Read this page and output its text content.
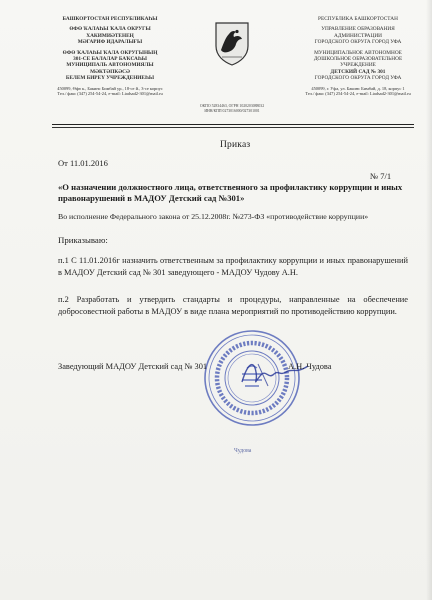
БАШКОРТОСТАН РЕСПУБЛИКАҺЫ
ӨФӨ ҠАЛАҺЫ ҠАЛА ОКРУГЫ
ХАКИМИӘТЕНЕҢ
МӘГАРИФ ИДАРАЛЫҒЫ
ӨФӨ ҠАЛАҺЫ ҠАЛА ОКРУГЫНЫҢ
301-СЕ БАЛАЛАР БАҠСАҺЫ
МУНИЦИПАЛЬ АВТОНОМИЯЛЫ
МӘКТӘПКӘСӘ
БЕЛЕМ БИРЕҮ УЧРЕЖДЕНИЕҺЫ
450099, Өфө к., Бакинс Бимбай ур., 18-се й., 3-се корпус
Тел./ факс (347) 254-54-24, e-mail: Liadsad2-301@mail.ru
ОКПО 52834463, ОГРН 1020203088032
ИНН/КПП 0273016000/027301001
РЕСПУБЛИКА БАШКОРТОСТАН
УПРАВЛЕНИЕ ОБРАЗОВАНИЯ
АДМИНИСТРАЦИИ
ГОРОДСКОГО ОКРУГА ГОРОД УФА
МУНИЦИПАЛЬНОЕ АВТОНОМНОЕ
ДОШКОЛЬНОЕ ОБРАЗОВАТЕЛЬНОЕ
УЧРЕЖДЕНИЕ
ДЕТСКИЙ САД № 301
ГОРОДСКОГО ОКРУГА ГОРОД УФА
450099, г. Уфа, ул. Бакинс Бимбай, д. 18, корпус 1
Тел./ факс (347) 254-54-24, e-mail: Liadsad2-301@mail.ru
Приказ
От 11.01.2016
№ 7/1
«О назначении должностного лица, ответственного за профилактику коррупции и иных правонарушений в МАДОУ Детский сад №301»
Во исполнение Федерального закона от 25.12.2008г. №273-ФЗ «противодействие коррупции»
Приказываю:
п.1 С 11.01.2016г назначить ответственным за профилактику коррупции и иных правонарушений в МАДОУ Детский сад № 301 заведующего - МАДОУ Чудову А.Н.
п.2 Разработать и утвердить стандарты и процедуры, направленные на обеспечение добросовестной работы в МАДОУ в виде плана мероприятий по противодействию коррупции.
Заведующий МАДОУ Детский сад № 301	А.Н. Чудова
Чудова
